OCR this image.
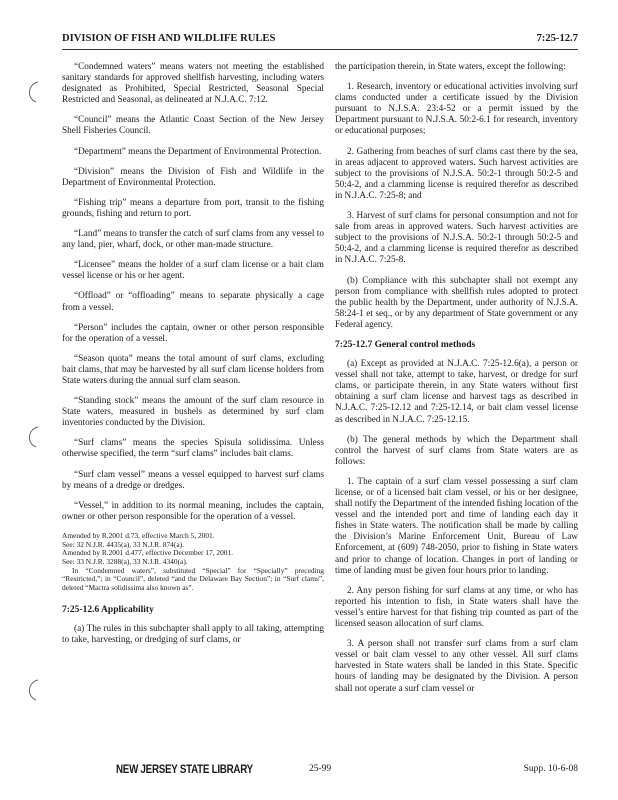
DIVISION OF FISH AND WILDLIFE RULES	7:25-12.7

“Condemned waters” means waters not meeting the established sanitary standards for approved shellfish harvesting, including waters designated as Prohibited, Special Restricted, Seasonal Special Restricted and Seasonal, as delineated at N.J.A.C. 7:12.

“Council” means the Atlantic Coast Section of the New Jersey Shell Fisheries Council.

“Department” means the Department of Environmental Protection.

“Division” means the Division of Fish and Wildlife in the Department of Environmental Protection.

“Fishing trip” means a departure from port, transit to the fishing grounds, fishing and return to port.

“Land” means to transfer the catch of surf clams from any vessel to any land, pier, wharf, dock, or other man-made structure.

“Licensee” means the holder of a surf clam license or a bait clam vessel license or his or her agent.

“Offload” or “offloading” means to separate physically a cage from a vessel.

“Person” includes the captain, owner or other person responsible for the operation of a vessel.

“Season quota” means the total amount of surf clams, excluding bait clams, that may be harvested by all surf clam license holders from State waters during the annual surf clam season.

“Standing stock” means the amount of the surf clam resource in State waters, measured in bushels as determined by surf clam inventories conducted by the Division.

“Surf clams” means the species Spisula solidissima. Unless otherwise specified, the term “surf clams” includes bait clams.

“Surf clam vessel” means a vessel equipped to harvest surf clams by means of a dredge or dredges.

“Vessel,” in addition to its normal meaning, includes the captain, owner or other person responsible for the operation of a vessel.

Amended by R.2001 d.73, effective March 5, 2001.
See: 32 N.J.R. 4435(a), 33 N.J.R. 874(a).
Amended by R.2001 d.477, effective December 17, 2001.
See: 33 N.J.R. 3288(a), 33 N.J.R. 4340(a).
In “Condemned waters”, substituted “Special” for “Specially” preceding “Restricted,”; in “Council”, deleted “and the Delaware Bay Section”; in “Surf clams”, deleted “Mactra solidissima also known as”.
7:25-12.6 Applicability

(a) The rules in this subchapter shall apply to all taking, attempting to take, harvesting, or dredging of surf clams, or

the participation therein, in State waters, except the following:

1. Research, inventory or educational activities involving surf clams conducted under a certificate issued by the Division pursuant to N.J.S.A. 23:4-52 or a permit issued by the Department pursuant to N.J.S.A. 50:2-6.1 for research, inventory or educational purposes;

2. Gathering from beaches of surf clams cast there by the sea, in areas adjacent to approved waters. Such harvest activities are subject to the provisions of N.J.S.A. 50:2-1 through 50:2-5 and 50:4-2, and a clamming license is required therefor as described in N.J.A.C. 7:25-8; and

3. Harvest of surf clams for personal consumption and not for sale from areas in approved waters. Such harvest activities are subject to the provisions of N.J.S.A. 50:2-1 through 50:2-5 and 50:4-2, and a clamming license is required therefor as described in N.J.A.C. 7:25-8.

(b) Compliance with this subchapter shall not exempt any person from compliance with shellfish rules adopted to protect the public health by the Department, under authority of N.J.S.A. 58:24-1 et seq., or by any department of State government or any Federal agency.

7:25-12.7 General control methods

(a) Except as provided at N.J.A.C. 7:25-12.6(a), a person or vessel shall not take, attempt to take, harvest, or dredge for surf clams, or participate therein, in any State waters without first obtaining a surf clam license and harvest tags as described in N.J.A.C. 7:25-12.12 and 7:25-12.14, or bait clam vessel license as described in N.J.A.C. 7:25-12.15.

(b) The general methods by which the Department shall control the harvest of surf clams from State waters are as follows:

1. The captain of a surf clam vessel possessing a surf clam license, or of a licensed bait clam vessel, or his or her designee, shall notify the Department of the intended fishing location of the vessel and the intended port and time of landing each day it fishes in State waters. The notification shall be made by calling the Division’s Marine Enforcement Unit, Bureau of Law Enforcement, at (609) 748-2050, prior to fishing in State waters and prior to change of location. Changes in port of landing or time of landing must be given four hours prior to landing.

2. Any person fishing for surf clams at any time, or who has reported his intention to fish, in State waters shall have the vessel’s entire harvest for that fishing trip counted as part of the licensed season allocation of surf clams.

3. A person shall not transfer surf clams from a surf clam vessel or bait clam vessel to any other vessel. All surf clams harvested in State waters shall be landed in this State. Specific hours of landing may be designated by the Division. A person shall not operate a surf clam vessel or

NEW JERSEY STATE LIBRARY	25-99	Supp. 10-6-08
